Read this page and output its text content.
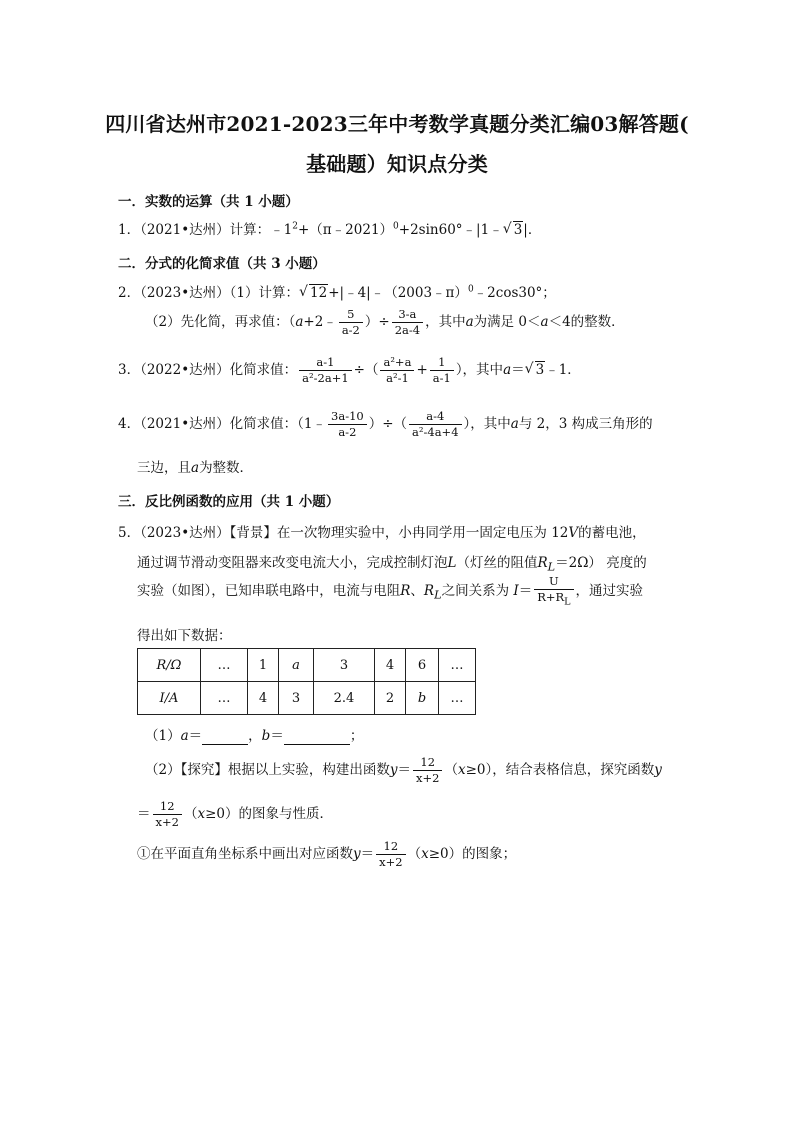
四川省达州市2021-2023三年中考数学真题分类汇编03解答题(
基础题）知识点分类
一．实数的运算（共 1 小题）
1．（2021•达州）计算：$﹣1^2+(\pi﹣2021)^0+2\sin 60^\circ﹣|1﹣$ √ 3|．
二．分式的化简求值（共 3 小题）
2．（2023•达州）（1）计算： √ 12+|﹣4|﹣（2003﹣π）$^0$﹣2cos30°；
（2）先化简，再求值：（a+2﹣ $\frac{5}{a-2}$ ）÷ $\frac{3-a}{2a-4}$ ，其中a为满足 0＜a＜4的整数．
3．（2022•达州）化简求值： $\frac{a-1}{\text{a²-2a+1}}$ ÷（ $\frac{\text{a²+a}}{\text{a²-1}} + \frac{1}{a-1}$ ），其中a＝ √ 3﹣1．
4．（2021•达州）化简求值：（1﹣ $\frac{3a-10}{a-2}$ ）÷（ $\frac{a-4}{\text{a²-4a+4}}$ ），其中a与 2，3 构成三角形的
三边，且a为整数．
三．反比例函数的应用（共 1 小题）
5．（2023•达州）【背景】在一次物理实验中，小冉同学用一固定电压为 12V的蓄电池，
通过调节滑动变阻器来改变电流大小，完成控制灯泡L（灯丝的阻值$R_L=2\Omega$） 亮度的
实验（如图），已知串联电路中，电流与电阻R、$R_L$之间关系为 $I= \frac{U}{R+R_L}$ ，通过实验
得出如下数据：
R/Ω	…	1	a	3	4	6	…
I/A	…	4	3	2.4	2	b	…
（1）a＝	，b＝	；
（2）【探究】根据以上实验，构建出函数$y= \frac{12}{x+2} (x\ge 0)$，结合表格信息，探究函数y
＝ $\frac{12}{x+2} (x\ge 0)$的图象与性质．
①在平面直角坐标系中画出对应函数$y= \frac{12}{x+2} (x\ge 0)$的图象；
